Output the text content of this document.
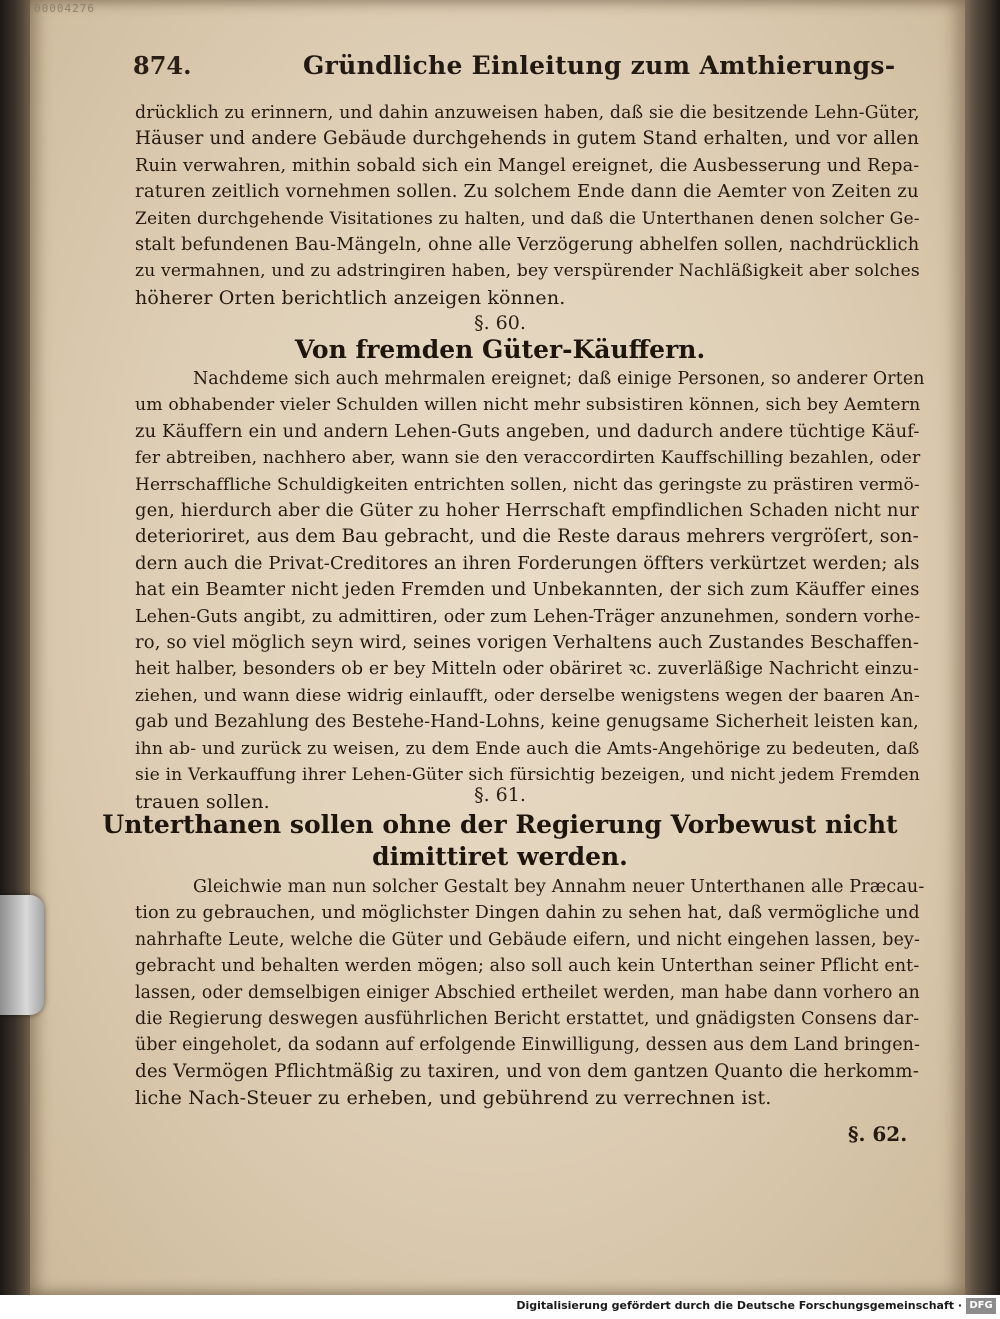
00004276
874.	Gründliche Einleitung zum Amthierungs-
drücklich zu erinnern, und dahin anzuweisen haben, daß sie die besitzende Lehn-Güter,
Häuser und andere Gebäude durchgehends in gutem Stand erhalten, und vor allen
Ruin verwahren, mithin sobald sich ein Mangel ereignet, die Ausbesserung und Repa-
raturen zeitlich vornehmen sollen. Zu solchem Ende dann die Aemter von Zeiten zu
Zeiten durchgehende Visitationes zu halten, und daß die Unterthanen denen solcher Ge-
stalt befundenen Bau-Mängeln, ohne alle Verzögerung abhelfen sollen, nachdrücklich
zu vermahnen, und zu adstringiren haben, bey verspürender Nachläßigkeit aber solches
höherer Orten berichtlich anzeigen können.
§. 60.
Von fremden Güter-Käuffern.
Nachdeme sich auch mehrmalen ereignet; daß einige Personen, so anderer Orten
um obhabender vieler Schulden willen nicht mehr subsistiren können, sich bey Aemtern
zu Käuffern ein und andern Lehen-Guts angeben, und dadurch andere tüchtige Käuf-
fer abtreiben, nachhero aber, wann sie den veraccordirten Kauffschilling bezahlen, oder
Herrschaffliche Schuldigkeiten entrichten sollen, nicht das geringste zu prästiren vermö-
gen, hierdurch aber die Güter zu hoher Herrschaft empfindlichen Schaden nicht nur
deterioriret, aus dem Bau gebracht, und die Reste daraus mehrers vergröſert, son-
dern auch die Privat-Creditores an ihren Forderungen öffters verkürtzet werden; als
hat ein Beamter nicht jeden Fremden und Unbekannten, der sich zum Käuffer eines
Lehen-Guts angibt, zu admittiren, oder zum Lehen-Träger anzunehmen, sondern vorhe-
ro, so viel möglich seyn wird, seines vorigen Verhaltens auch Zustandes Beschaffen-
heit halber, besonders ob er bey Mitteln oder obäriret ꝛc. zuverläßige Nachricht einzu-
ziehen, und wann diese widrig einlaufft, oder derselbe wenigstens wegen der baaren An-
gab und Bezahlung des Bestehe-Hand-Lohns, keine genugsame Sicherheit leisten kan,
ihn ab- und zurück zu weisen, zu dem Ende auch die Amts-Angehörige zu bedeuten, daß
sie in Verkauffung ihrer Lehen-Güter sich fürsichtig bezeigen, und nicht jedem Fremden
trauen sollen.	§. 61.
Unterthanen sollen ohne der Regierung Vorbewust nicht
dimittiret werden.
Gleichwie man nun solcher Gestalt bey Annahm neuer Unterthanen alle Præcau-
tion zu gebrauchen, und möglichster Dingen dahin zu sehen hat, daß vermögliche und
nahrhafte Leute, welche die Güter und Gebäude eifern, und nicht eingehen lassen, bey-
gebracht und behalten werden mögen; also soll auch kein Unterthan seiner Pflicht ent-
lassen, oder demselbigen einiger Abschied ertheilet werden, man habe dann vorhero an
die Regierung deswegen ausführlichen Bericht erstattet, und gnädigsten Consens dar-
über eingeholet, da sodann auf erfolgende Einwilligung, dessen aus dem Land bringen-
des Vermögen Pflichtmäßig zu taxiren, und von dem gantzen Quanto die herkomm-
liche Nach-Steuer zu erheben, und gebührend zu verrechnen ist.
§. 62.
Digitalisierung gefördert durch die Deutsche Forschungsgemeinschaft · DFG
